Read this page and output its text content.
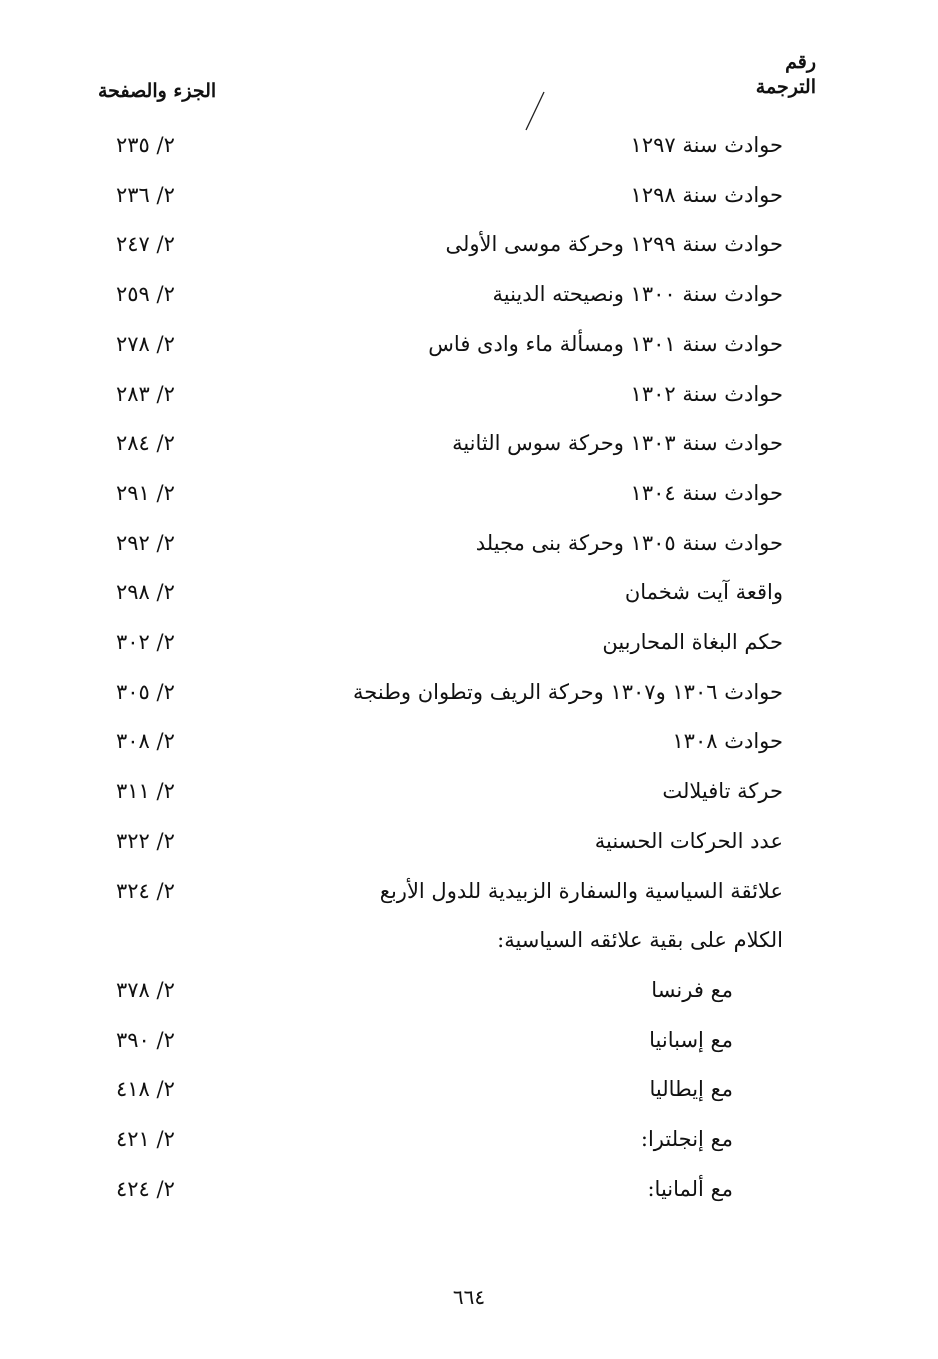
رقم
الترجمة
الجزء والصفحة
حوادث سنة ١٢٩٧
٢/ ٢٣٥
حوادث سنة ١٢٩٨
٢/ ٢٣٦
حوادث سنة ١٢٩٩ وحركة موسى الأولى
٢/ ٢٤٧
حوادث سنة ١٣٠٠ ونصيحته الدينية
٢/ ٢٥٩
حوادث سنة ١٣٠١ ومسألة ماء وادى فاس
٢/ ٢٧٨
حوادث سنة ١٣٠٢
٢/ ٢٨٣
حوادث سنة ١٣٠٣ وحركة سوس الثانية
٢/ ٢٨٤
حوادث سنة ١٣٠٤
٢/ ٢٩١
حوادث سنة ١٣٠٥ وحركة بنى مجيلد
٢/ ٢٩٢
واقعة آيت شخمان
٢/ ٢٩٨
حكم البغاة المحاربين
٢/ ٣٠٢
حوادث ١٣٠٦ و١٣٠٧ وحركة الريف وتطوان وطنجة
٢/ ٣٠٥
حوادث ١٣٠٨
٢/ ٣٠٨
حركة تافيلالت
٢/ ٣١١
عدد الحركات الحسنية
٢/ ٣٢٢
علائقة السياسية والسفارة الزبيدية للدول الأربع
٢/ ٣٢٤
الكلام على بقية علائقه السياسية:
مع فرنسا
٢/ ٣٧٨
مع إسبانيا
٢/ ٣٩٠
مع إيطاليا
٢/ ٤١٨
مع إنجلترا:
٢/ ٤٢١
مع ألمانيا:
٢/ ٤٢٤
٦٦٤
